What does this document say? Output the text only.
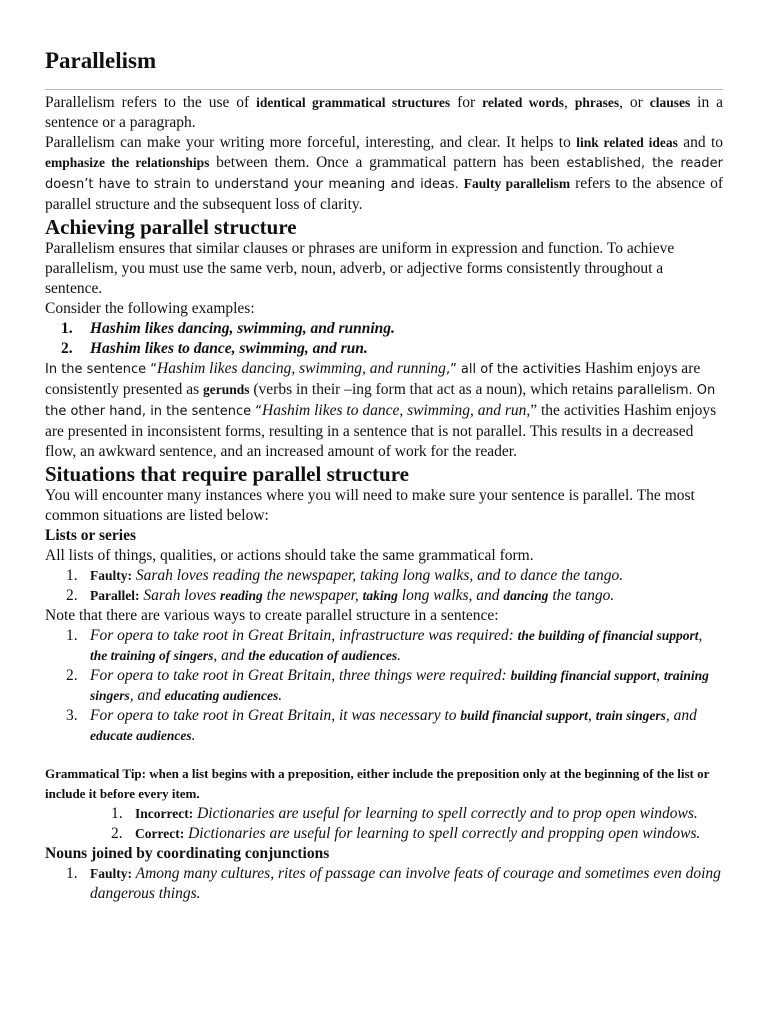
Parallelism

Parallelism refers to the use of identical grammatical structures for related words, phrases, or clauses in a sentence or a paragraph.

Parallelism can make your writing more forceful, interesting, and clear. It helps to link related ideas and to emphasize the relationships between them. Once a grammatical pattern has been established, the reader doesn’t have to strain to understand your meaning and ideas. Faulty parallelism refers to the absence of parallel structure and the subsequent loss of clarity.

Achieving parallel structure

Parallelism ensures that similar clauses or phrases are uniform in expression and function. To achieve parallelism, you must use the same verb, noun, adverb, or adjective forms consistently throughout a sentence.

Consider the following examples:

1. Hashim likes dancing, swimming, and running.
2. Hashim likes to dance, swimming, and run.

In the sentence “Hashim likes dancing, swimming, and running,” all of the activities Hashim enjoys are consistently presented as gerunds (verbs in their –ing form that act as a noun), which retains parallelism. On the other hand, in the sentence “Hashim likes to dance, swimming, and run,” the activities Hashim enjoys are presented in inconsistent forms, resulting in a sentence that is not parallel. This results in a decreased flow, an awkward sentence, and an increased amount of work for the reader.

Situations that require parallel structure

You will encounter many instances where you will need to make sure your sentence is parallel. The most common situations are listed below:

Lists or series

All lists of things, qualities, or actions should take the same grammatical form.

1. Faulty: Sarah loves reading the newspaper, taking long walks, and to dance the tango.
2. Parallel: Sarah loves reading the newspaper, taking long walks, and dancing the tango.

Note that there are various ways to create parallel structure in a sentence:

1. For opera to take root in Great Britain, infrastructure was required: the building of financial support, the training of singers, and the education of audiences.
2. For opera to take root in Great Britain, three things were required: building financial support, training singers, and educating audiences.
3. For opera to take root in Great Britain, it was necessary to build financial support, train singers, and educate audiences.

Grammatical Tip: when a list begins with a preposition, either include the preposition only at the beginning of the list or include it before every item.

1. Incorrect: Dictionaries are useful for learning to spell correctly and to prop open windows.
2. Correct: Dictionaries are useful for learning to spell correctly and propping open windows.

Nouns joined by coordinating conjunctions

1. Faulty: Among many cultures, rites of passage can involve feats of courage and sometimes even doing dangerous things.
